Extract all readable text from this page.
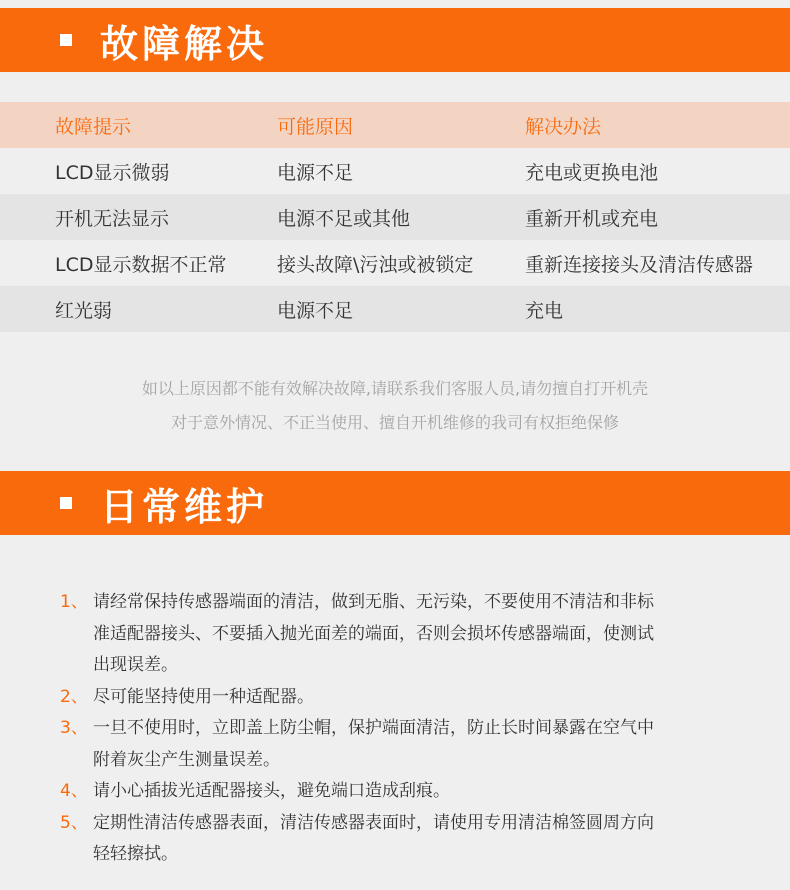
故障解决
故障提示	可能原因	解决办法
LCD显示微弱	电源不足	充电或更换电池
开机无法显示	电源不足或其他	重新开机或充电
LCD显示数据不正常	接头故障\污浊或被锁定	重新连接接头及清洁传感器
红光弱	电源不足	充电
如以上原因都不能有效解决故障,请联系我们客服人员,请勿擅自打开机壳
对于意外情况、不正当使用、擅自开机维修的我司有权拒绝保修
日常维护
1、 请经常保持传感器端面的清洁，做到无脂、无污染，不要使用不清洁和非标
准适配器接头、不要插入抛光面差的端面，否则会损坏传感器端面，使测试
出现误差。
2、 尽可能坚持使用一种适配器。
3、 一旦不使用时，立即盖上防尘帽，保护端面清洁，防止长时间暴露在空气中
附着灰尘产生测量误差。
4、 请小心插拔光适配器接头，避免端口造成刮痕。
5、 定期性清洁传感器表面，清洁传感器表面时，请使用专用清洁棉签圆周方向
轻轻擦拭。
